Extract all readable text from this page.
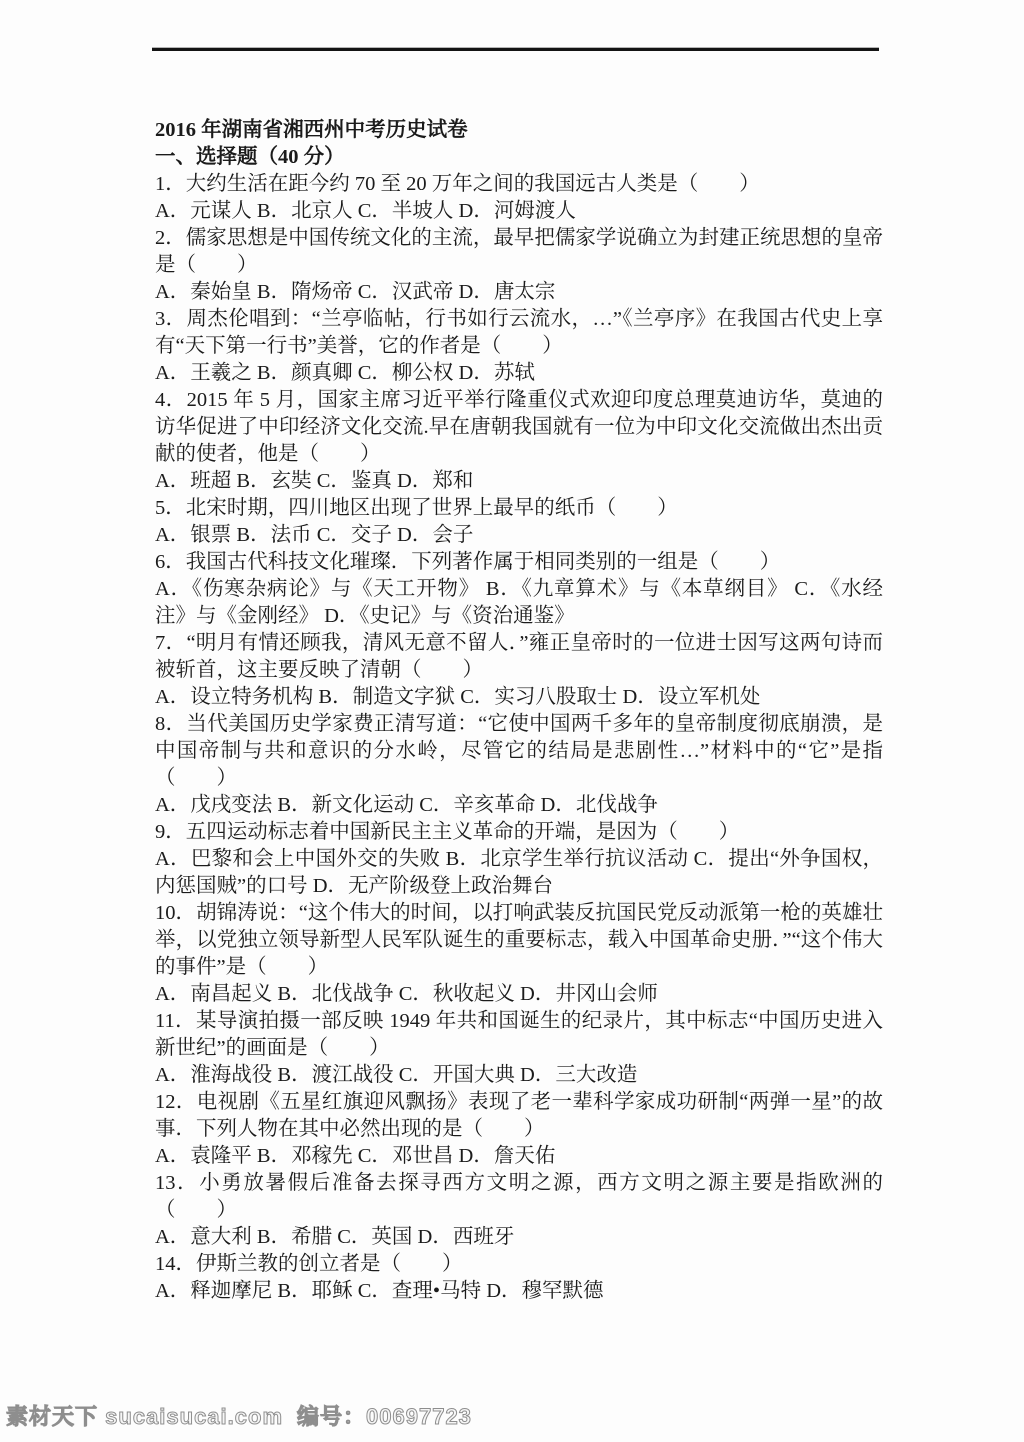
2016 年湖南省湘西州中考历史试卷

一、选择题（40 分）

1．大约生活在距今约 70 至 20 万年之间的我国远古人类是（　　）

A．元谋人 B．北京人 C．半坡人 D．河姆渡人

2．儒家思想是中国传统文化的主流，最早把儒家学说确立为封建正统思想的皇帝是（　　）

A．秦始皇 B．隋炀帝 C．汉武帝 D．唐太宗

3．周杰伦唱到：“兰亭临帖，行书如行云流水，…”《兰亭序》在我国古代史上享有“天下第一行书”美誉，它的作者是（　　）

A．王羲之 B．颜真卿 C．柳公权 D．苏轼

4．2015 年 5 月，国家主席习近平举行隆重仪式欢迎印度总理莫迪访华，莫迪的访华促进了中印经济文化交流.早在唐朝我国就有一位为中印文化交流做出杰出贡献的使者，他是（　　）

A．班超 B．玄奘 C．鉴真 D．郑和

5．北宋时期，四川地区出现了世界上最早的纸币（　　）

A．银票 B．法币 C．交子 D．会子

6．我国古代科技文化璀璨．下列著作属于相同类别的一组是（　　）

A．《伤寒杂病论》与《天工开物》 B．《九章算术》与《本草纲目》 C．《水经注》与《金刚经》 D．《史记》与《资治通鉴》

7．“明月有情还顾我，清风无意不留人．”雍正皇帝时的一位进士因写这两句诗而被斩首，这主要反映了清朝（　　）

A．设立特务机构 B．制造文字狱 C．实习八股取士 D．设立军机处

8．当代美国历史学家费正清写道：“它使中国两千多年的皇帝制度彻底崩溃，是中国帝制与共和意识的分水岭，尽管它的结局是悲剧性…”材料中的“它”是指（　　）

A．戊戌变法 B．新文化运动 C．辛亥革命 D．北伐战争

9．五四运动标志着中国新民主主义革命的开端，是因为（　　）

A．巴黎和会上中国外交的失败 B．北京学生举行抗议活动 C．提出“外争国权，内惩国贼”的口号 D．无产阶级登上政治舞台

10．胡锦涛说：“这个伟大的时间，以打响武装反抗国民党反动派第一枪的英雄壮举，以党独立领导新型人民军队诞生的重要标志，载入中国革命史册．”“这个伟大的事件”是（　　）

A．南昌起义 B．北伐战争 C．秋收起义 D．井冈山会师

11．某导演拍摄一部反映 1949 年共和国诞生的纪录片，其中标志“中国历史进入新世纪”的画面是（　　）

A．淮海战役 B．渡江战役 C．开国大典 D．三大改造

12．电视剧《五星红旗迎风飘扬》表现了老一辈科学家成功研制“两弹一星”的故事．下列人物在其中必然出现的是（　　）

A．袁隆平 B．邓稼先 C．邓世昌 D．詹天佑

13．小勇放暑假后准备去探寻西方文明之源，西方文明之源主要是指欧洲的（　　）

A．意大利 B．希腊 C．英国 D．西班牙

14．伊斯兰教的创立者是（　　）

A．释迦摩尼 B．耶稣 C．查理•马特 D．穆罕默德

素材天下 sucaisucai.com 编号：00697723
